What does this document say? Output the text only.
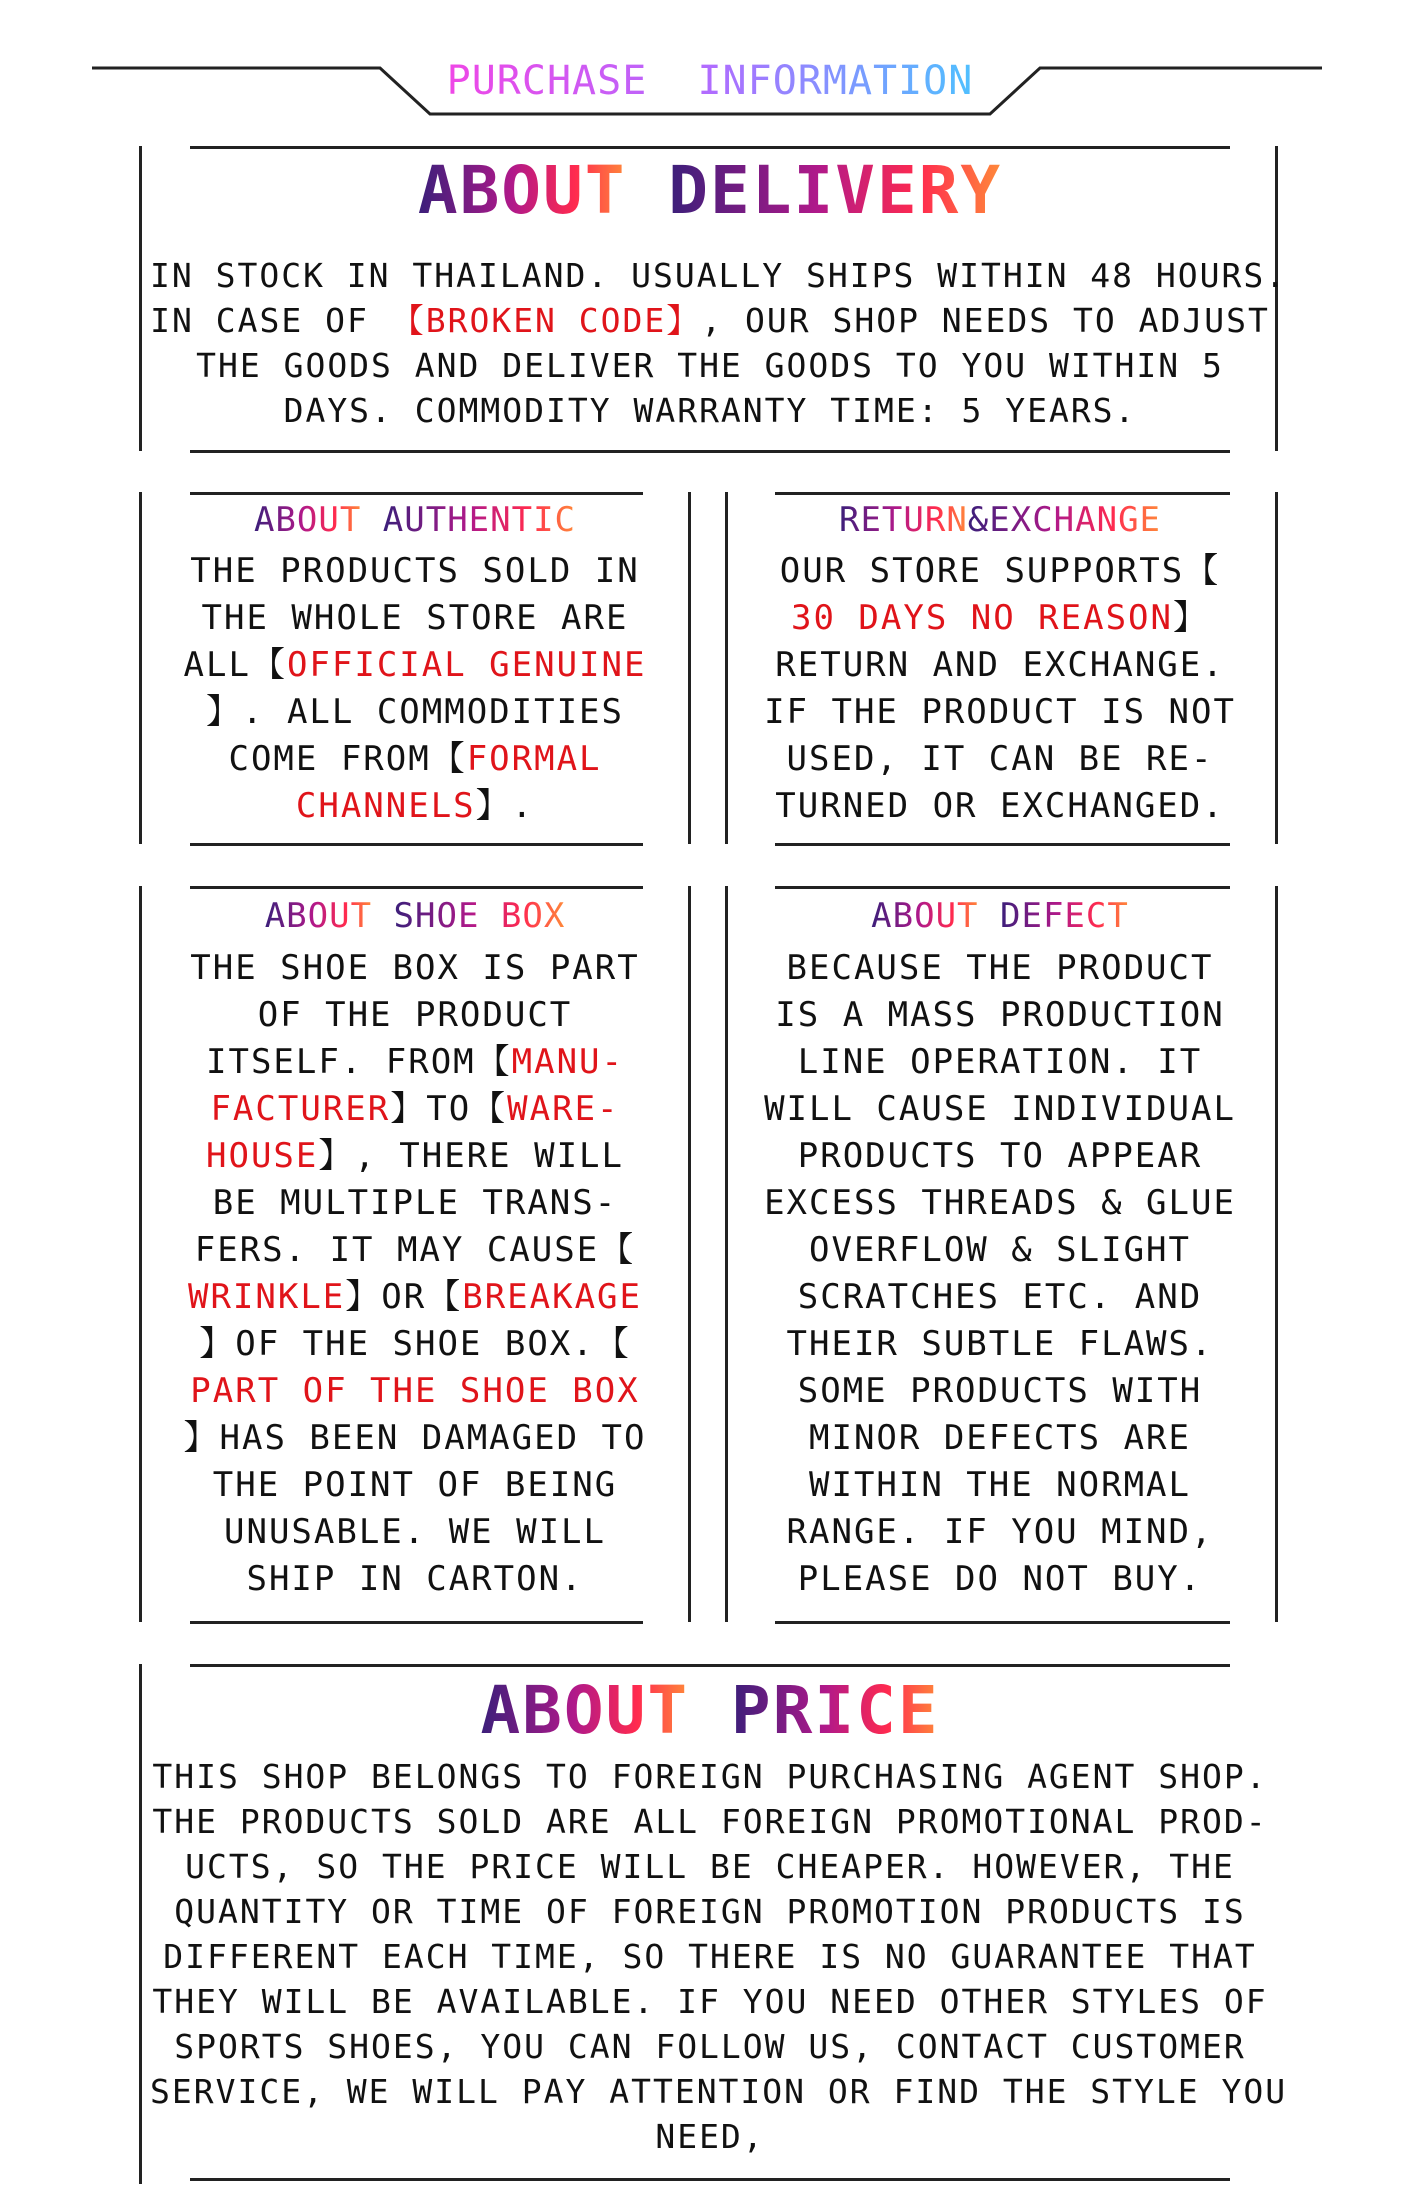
PURCHASE  INFORMATION
ABOUT DELIVERY

IN STOCK IN THAILAND. USUALLY SHIPS WITHIN 48 HOURS.

IN CASE OF 【BROKEN CODE】, OUR SHOP NEEDS TO ADJUST

THE GOODS AND DELIVER THE GOODS TO YOU WITHIN 5

DAYS. COMMODITY WARRANTY TIME: 5 YEARS.

ABOUT AUTHENTIC

THE PRODUCTS SOLD IN

THE WHOLE STORE ARE

ALL【OFFICIAL GENUINE

】. ALL COMMODITIES

COME FROM【FORMAL

CHANNELS】.

RETURN&EXCHANGE

OUR STORE SUPPORTS【

30 DAYS NO REASON】

RETURN AND EXCHANGE.

IF THE PRODUCT IS NOT

USED, IT CAN BE RE-

TURNED OR EXCHANGED.

ABOUT SHOE BOX

THE SHOE BOX IS PART

OF THE PRODUCT

ITSELF. FROM【MANU-

FACTURER】TO【WARE-

HOUSE】, THERE WILL

BE MULTIPLE TRANS-

FERS. IT MAY CAUSE【

WRINKLE】OR【BREAKAGE

】OF THE SHOE BOX.【

PART OF THE SHOE BOX

】HAS BEEN DAMAGED TO

THE POINT OF BEING

UNUSABLE. WE WILL

SHIP IN CARTON.

ABOUT DEFECT

BECAUSE THE PRODUCT

IS A MASS PRODUCTION

LINE OPERATION. IT

WILL CAUSE INDIVIDUAL

PRODUCTS TO APPEAR

EXCESS THREADS & GLUE

OVERFLOW & SLIGHT

SCRATCHES ETC. AND

THEIR SUBTLE FLAWS.

SOME PRODUCTS WITH

MINOR DEFECTS ARE

WITHIN THE NORMAL

RANGE. IF YOU MIND,

PLEASE DO NOT BUY.

ABOUT PRICE

THIS SHOP BELONGS TO FOREIGN PURCHASING AGENT SHOP.

THE PRODUCTS SOLD ARE ALL FOREIGN PROMOTIONAL PROD-

UCTS, SO THE PRICE WILL BE CHEAPER. HOWEVER, THE

QUANTITY OR TIME OF FOREIGN PROMOTION PRODUCTS IS

DIFFERENT EACH TIME, SO THERE IS NO GUARANTEE THAT

THEY WILL BE AVAILABLE. IF YOU NEED OTHER STYLES OF

SPORTS SHOES, YOU CAN FOLLOW US, CONTACT CUSTOMER

SERVICE, WE WILL PAY ATTENTION OR FIND THE STYLE YOU

NEED,
